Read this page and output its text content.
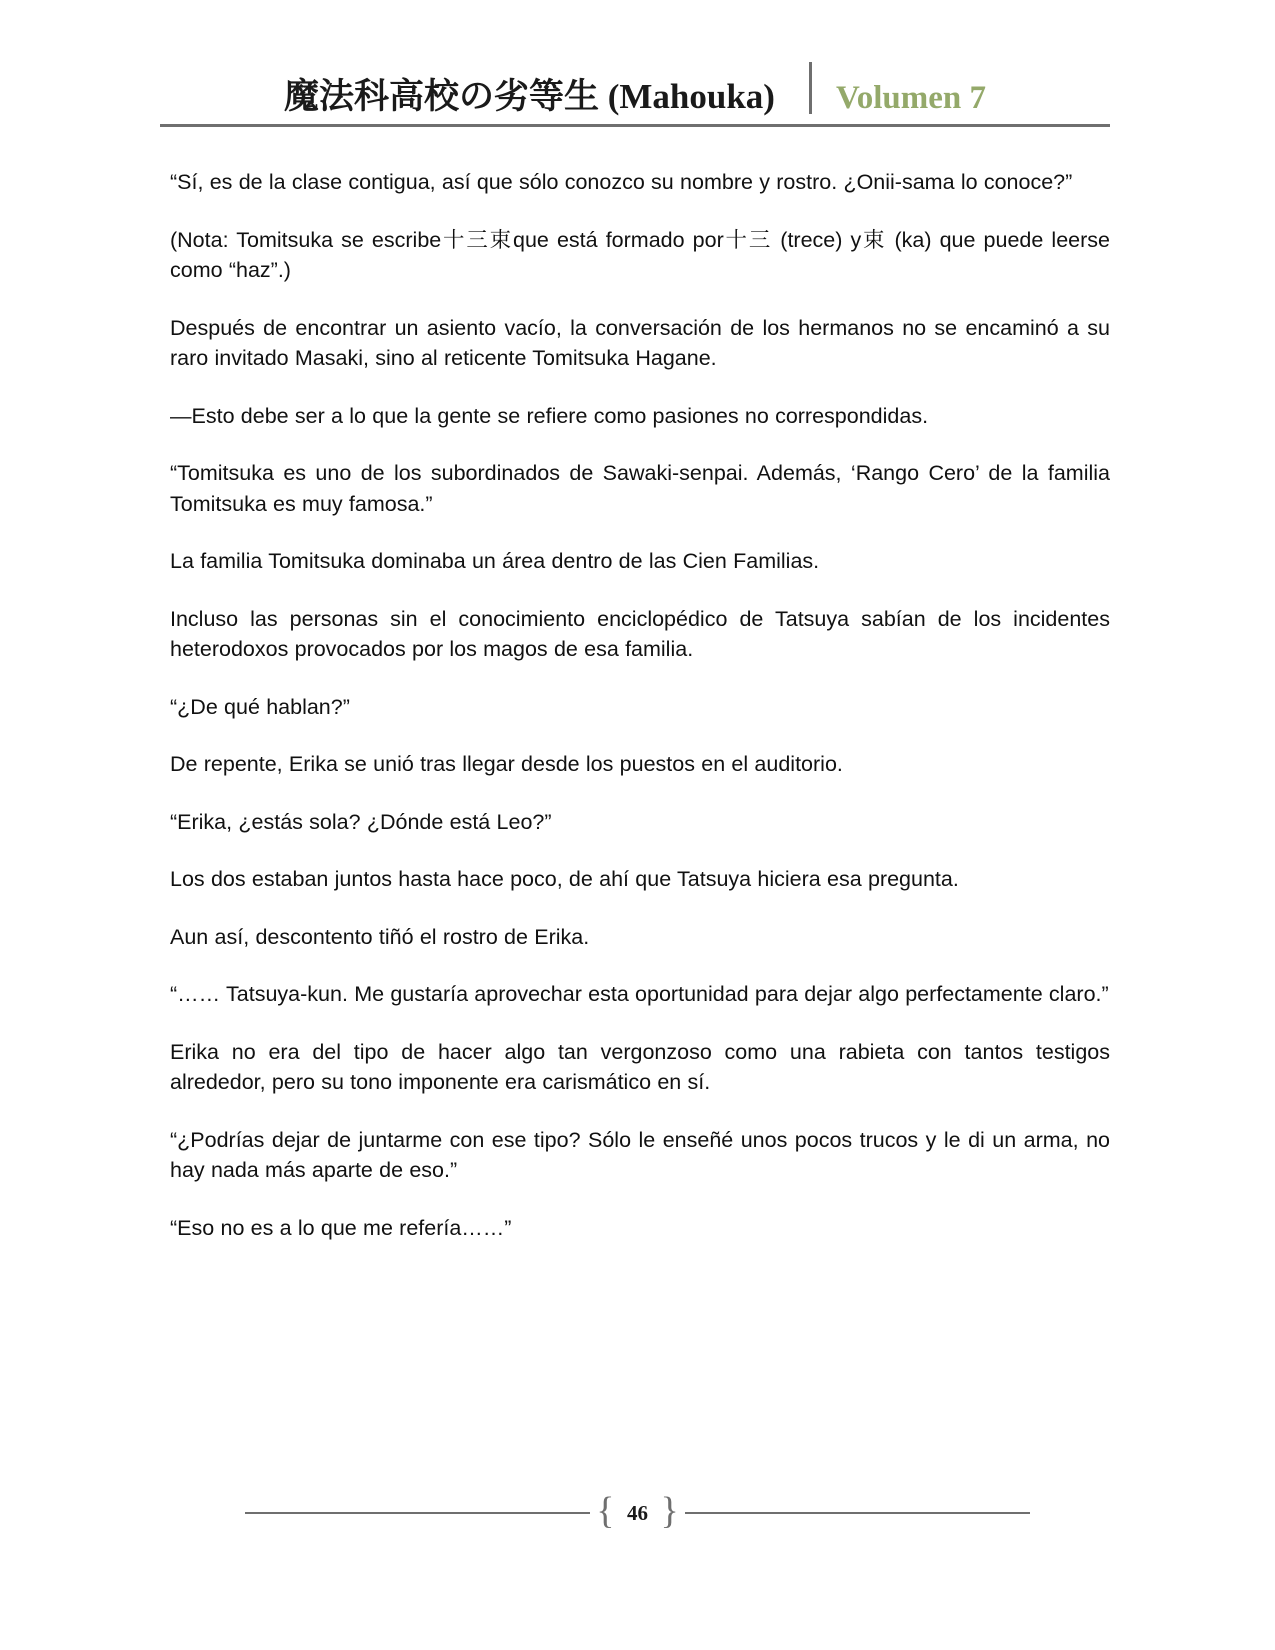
魔法科高校の劣等生 (Mahouka) Volumen 7

“Sí, es de la clase contigua, así que sólo conozco su nombre y rostro. ¿Onii-sama lo conoce?”

(Nota: Tomitsuka se escribe十三束que está formado por十三 (trece) y束 (ka) que puede leerse como “haz”.)

Después de encontrar un asiento vacío, la conversación de los hermanos no se encaminó a su raro invitado Masaki, sino al reticente Tomitsuka Hagane.

—Esto debe ser a lo que la gente se refiere como pasiones no correspondidas.

“Tomitsuka es uno de los subordinados de Sawaki-senpai. Además, ‘Rango Cero’ de la familia Tomitsuka es muy famosa.”

La familia Tomitsuka dominaba un área dentro de las Cien Familias.

Incluso las personas sin el conocimiento enciclopédico de Tatsuya sabían de los incidentes heterodoxos provocados por los magos de esa familia.

“¿De qué hablan?”

De repente, Erika se unió tras llegar desde los puestos en el auditorio.

“Erika, ¿estás sola? ¿Dónde está Leo?”

Los dos estaban juntos hasta hace poco, de ahí que Tatsuya hiciera esa pregunta.

Aun así, descontento tiñó el rostro de Erika.

“…… Tatsuya-kun. Me gustaría aprovechar esta oportunidad para dejar algo perfectamente claro.”

Erika no era del tipo de hacer algo tan vergonzoso como una rabieta con tantos testigos alrededor, pero su tono imponente era carismático en sí.

“¿Podrías dejar de juntarme con ese tipo? Sólo le enseñé unos pocos trucos y le di un arma, no hay nada más aparte de eso.”

“Eso no es a lo que me refería……”

{ 46 }
